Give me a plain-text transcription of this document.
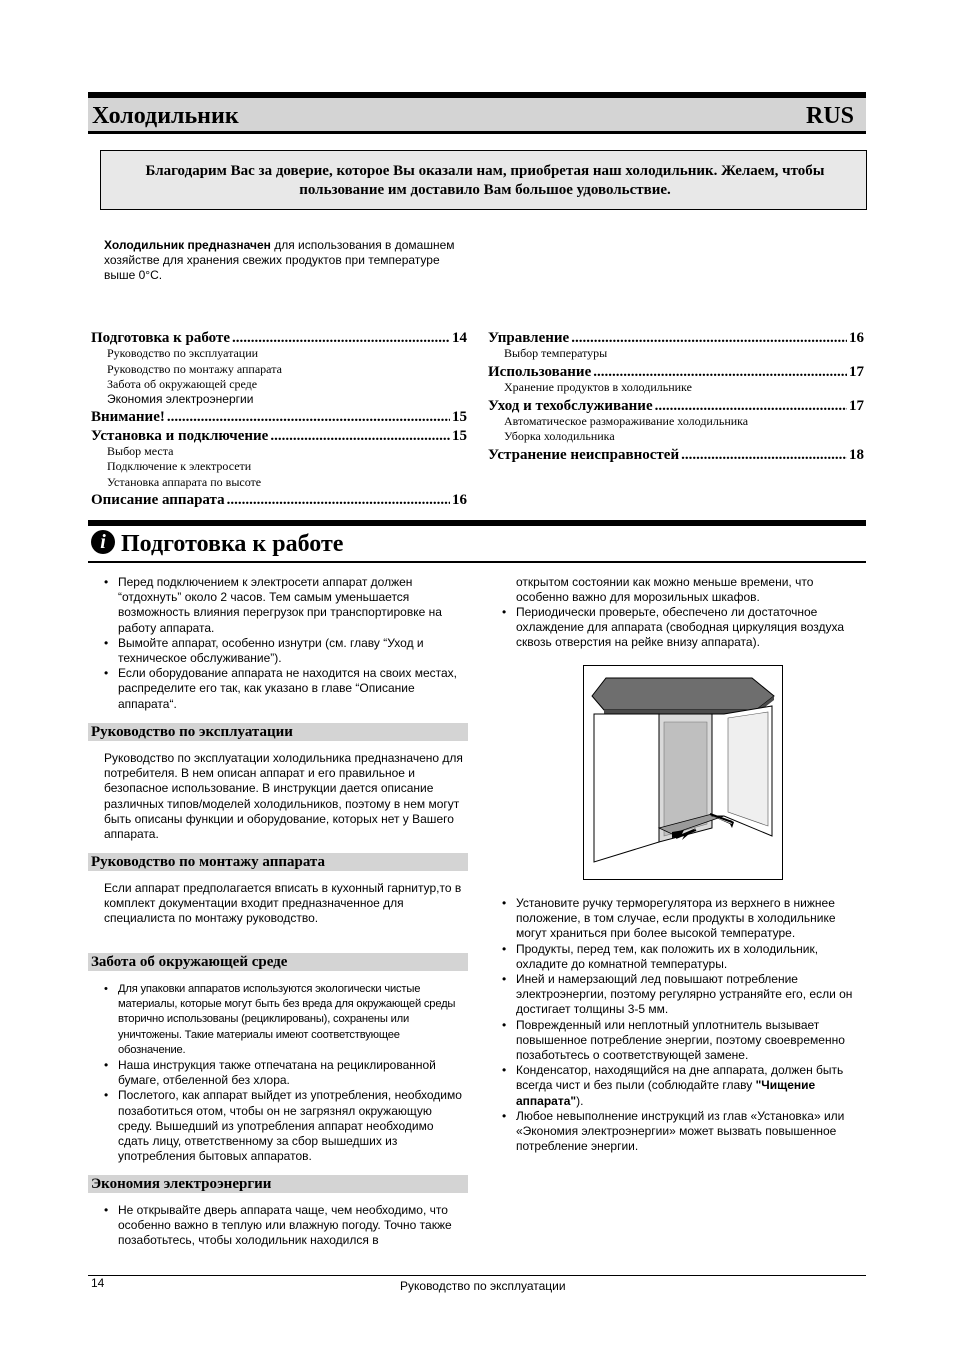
Холодильник	RUS
Благодарим Вас за доверие, которое Вы оказали нам, приобретая наш холодильник. Желаем, чтобы пользование им доставило Вам большое удовольствие.
Холодильник предназначен для использования в домашнем хозяйстве для хранения свежих продуктов при температуре выше 0°С.
Подготовка к работе .....	14
Руководство по эксплуатации
Руководство по монтажу аппарата
Забота об окружающей среде
Экономия электроэнергии
Внимание! .....	15
Установка и подключение .....	15
Выбор места
Подключение к электросети
Установка аппарата по высоте
Описание аппарата .....	16
Управление .....	16
Выбор температуры
Использование .....	17
Хранение продуктов в холодильнике
Уход и техобслуживание .....	17
Автоматическое размораживание холодильника
Уборка холодильника
Устранение неисправностей .....	18
i Подготовка к работе
• Перед подключением к электросети аппарат должен “отдохнуть” около 2 часов. Тем самым уменьшается возможность влияния перегрузок при транспортировке на работу аппарата.
• Вымойте аппарат, особенно изнутри (см. главу “Уход и техническое обслуживание”).
• Если оборудование аппарата не находится на своих местах, распределите его так, как указано в главе “Описание аппарата“.
Руководство по эксплуатации
Руководство по эксплуатации холодильника предназначено для потребителя. В нем описан аппарат и его правильное и безопасное использование. В инструкции дается описание различных типов/моделей холодильников, поэтому в нем могут быть описаны функции и оборудование, которых нет у Вашего аппарата.
Руководство по монтажу аппарата
Если аппарат предполагается вписать в кухонный гарнитур,то в комплект документации входит предназначенное для специалиста по монтажу руководство.
Забота об окружающей среде
• Для упаковки аппаратов используются экологически чистые материалы, которые могут быть без вреда для окружающей среды вторично использованы (рециклированы), сохранены или уничтожены. Такие материалы имеют соответствующее обозначение.
• Наша инструкция также отпечатана на рециклированной бумаге, отбеленной без хлора.
• Послетого, как аппарат выйдет из употребления, необходимо позаботиться отом, чтобы он не загрязнял окружающую среду. Вышедший из употребления аппарат необходимо сдать лицу, ответственному за сбор вышедших из употребления бытовых аппаратов.
Экономия электроэнергии
• Не открывайте дверь аппарата чаще, чем необходимо, что особенно важно в теплую или влажную погоду. Точно также позаботьтесь, чтобы холодильник находился в
открытом состоянии как можно меньше времени, что особенно важно для морозильных шкафов.
• Периодически проверьте, обеспечено ли достаточное охлаждение для аппарата (свободная циркуляция воздуха сквозь отверстия на рейке внизу аппарата).
• Установите ручку терморегулятора из верхнего в нижнее положение, в том случае, если продукты в холодильнике могут храниться при более высокой температуре.
• Продукты, перед тем, как положить их в холодильник, охладите до комнатной температуры.
• Иней и намерзающий лед повышают потребление электроэнергии, поэтому регулярно устраняйте его, если он достигает толщины 3-5 мм.
• Поврежденный или неплотный уплотнитель вызывает повышенное потребление энергии, поэтому своевременно позаботьтесь о соответствующей замене.
• Конденсатор, находящийся на дне аппарата, должен быть всегда чист и без пыли (соблюдайте главу "Чищение аппарата").
• Любое невыполнение инструкций из глав «Установка» или «Экономия электроэнергии» может вызвать повышенное потребление энергии.
14	Руководство по эксплуатации
